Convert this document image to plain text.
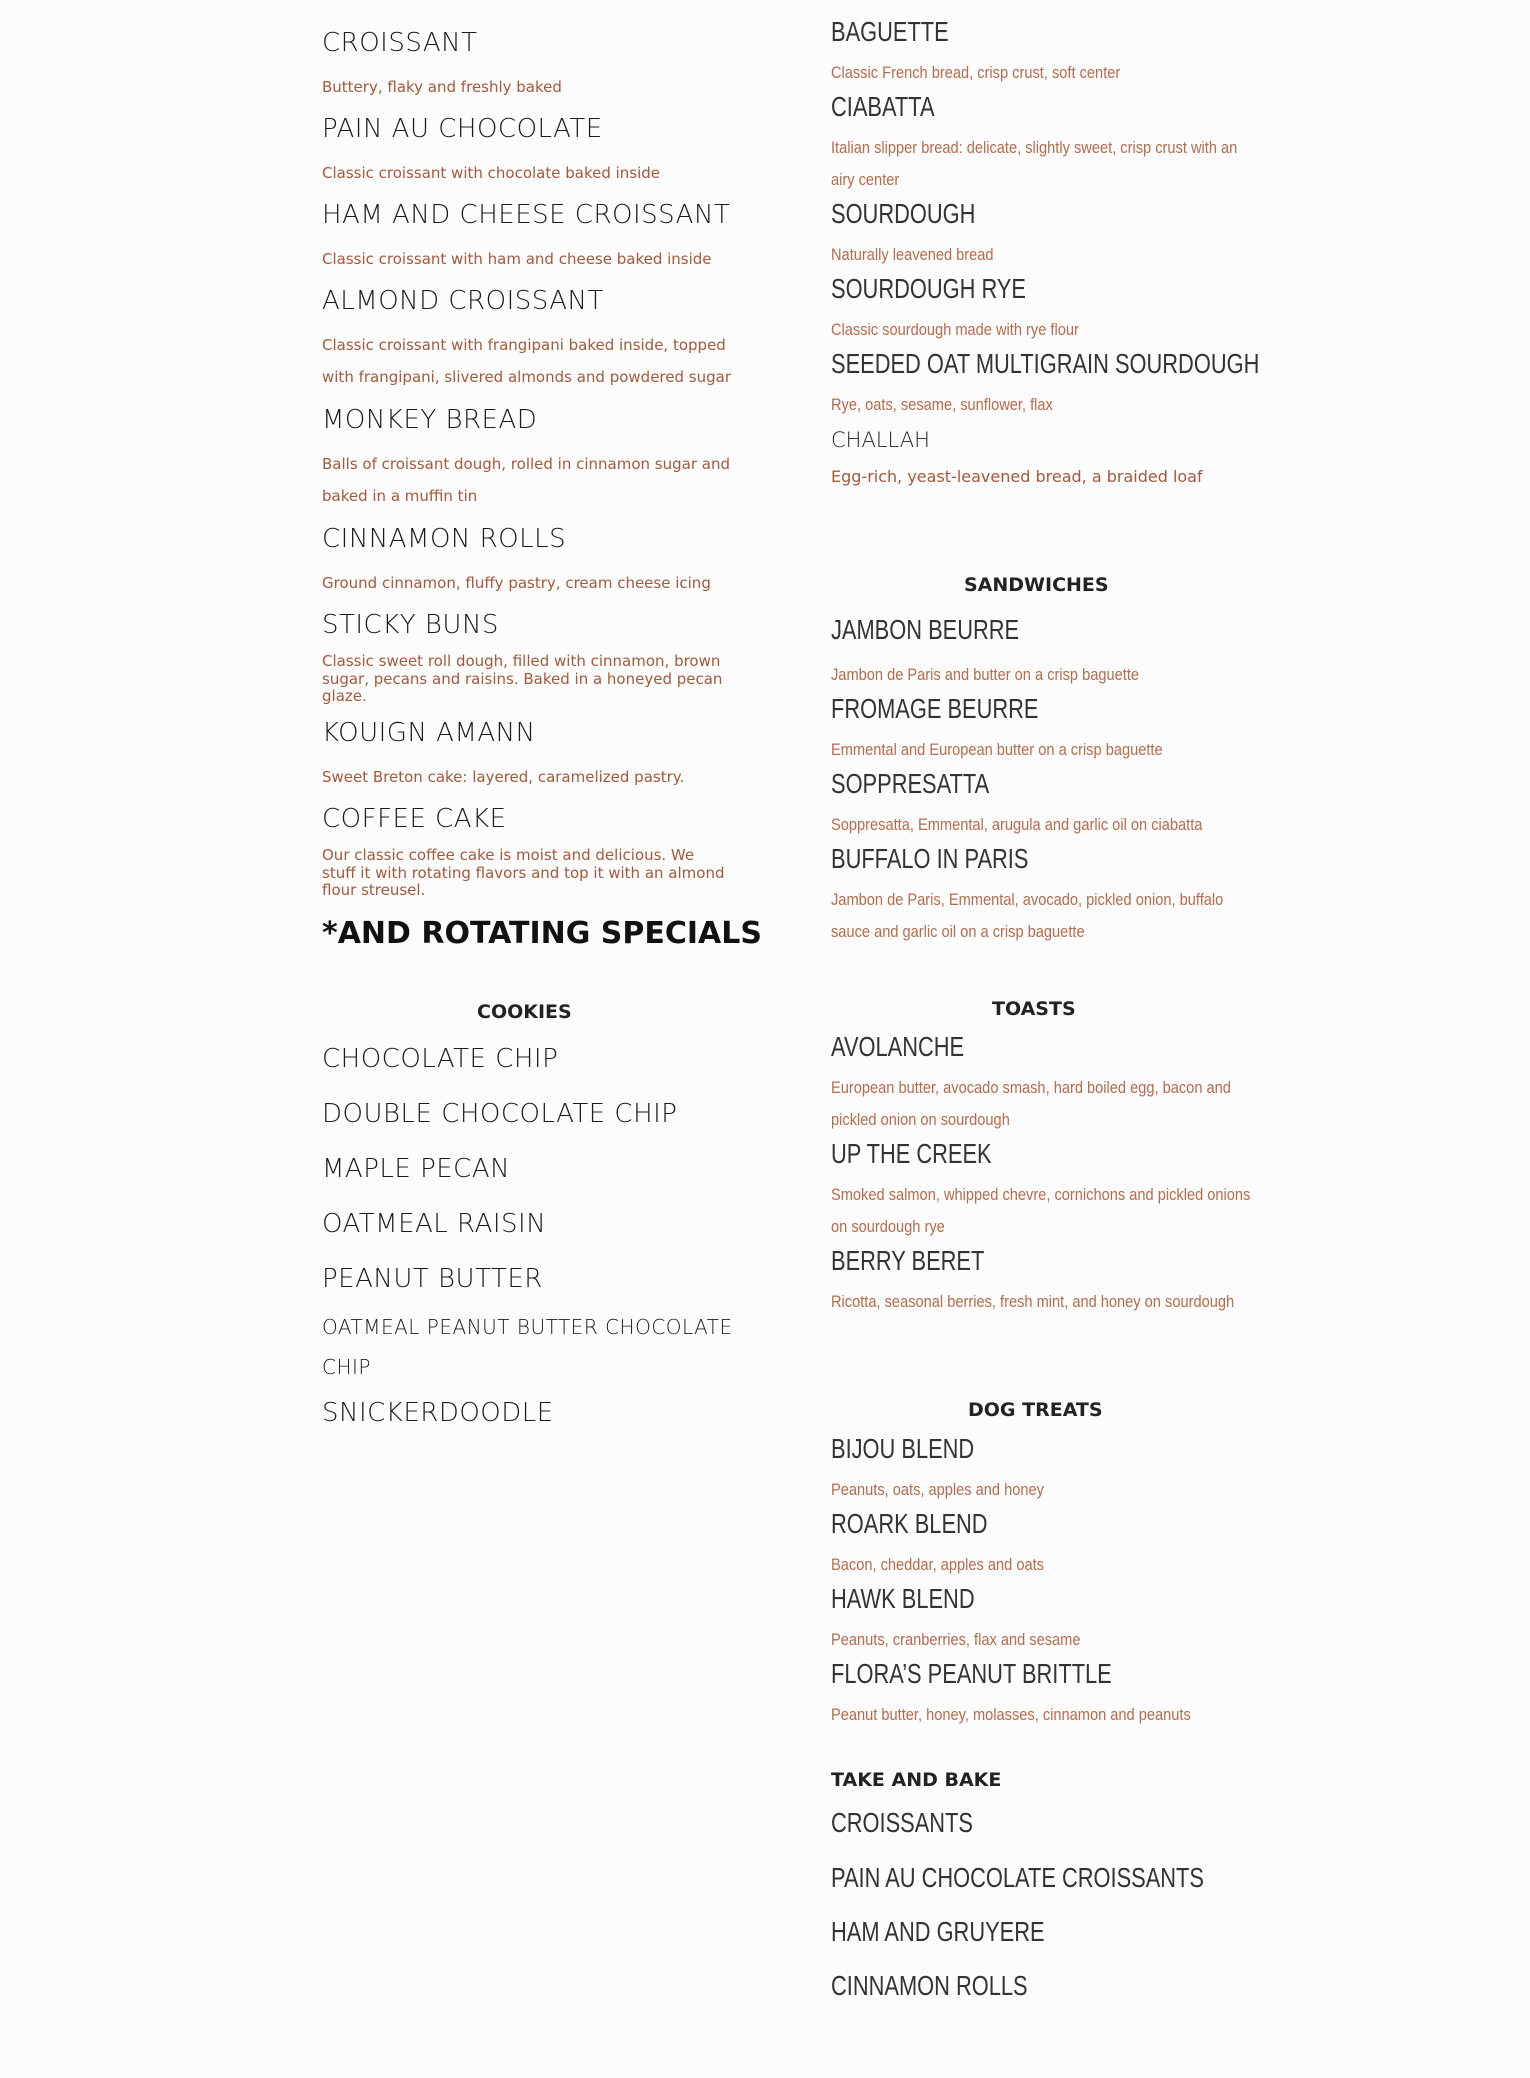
CROISSANT
Buttery, flaky and freshly baked
PAIN AU CHOCOLATE
Classic croissant with chocolate baked inside
HAM AND CHEESE CROISSANT
Classic croissant with ham and cheese baked inside
ALMOND CROISSANT
Classic croissant with frangipani baked inside, topped with frangipani, slivered almonds and powdered sugar
MONKEY BREAD
Balls of croissant dough, rolled in cinnamon sugar and baked in a muffin tin
CINNAMON ROLLS
Ground cinnamon, fluffy pastry, cream cheese icing
STICKY BUNS
Classic sweet roll dough, filled with cinnamon, brown sugar, pecans and raisins. Baked in a honeyed pecan glaze.
KOUIGN AMANN
Sweet Breton cake: layered, caramelized pastry.
COFFEE CAKE
Our classic coffee cake is moist and delicious. We stuff it with rotating flavors and top it with an almond flour streusel.
*AND ROTATING SPECIALS
COOKIES
CHOCOLATE CHIP
DOUBLE CHOCOLATE CHIP
MAPLE PECAN
OATMEAL RAISIN
PEANUT BUTTER
OATMEAL PEANUT BUTTER CHOCOLATE CHIP
SNICKERDOODLE
BAGUETTE
Classic French bread, crisp crust, soft center
CIABATTA
Italian slipper bread: delicate, slightly sweet, crisp crust with an airy center
SOURDOUGH
Naturally leavened bread
SOURDOUGH RYE
Classic sourdough made with rye flour
SEEDED OAT MULTIGRAIN SOURDOUGH
Rye, oats, sesame, sunflower, flax
CHALLAH
Egg-rich, yeast-leavened bread, a braided loaf
SANDWICHES
JAMBON BEURRE
Jambon de Paris and butter on a crisp baguette
FROMAGE BEURRE
Emmental and European butter on a crisp baguette
SOPPRESATTA
Soppresatta, Emmental, arugula and garlic oil on ciabatta
BUFFALO IN PARIS
Jambon de Paris, Emmental, avocado, pickled onion, buffalo sauce and garlic oil on a crisp baguette
TOASTS
AVOLANCHE
European butter, avocado smash, hard boiled egg, bacon and pickled onion on sourdough
UP THE CREEK
Smoked salmon, whipped chevre, cornichons and pickled onions on sourdough rye
BERRY BERET
Ricotta, seasonal berries, fresh mint, and honey on sourdough
DOG TREATS
BIJOU BLEND
Peanuts, oats, apples and honey
ROARK BLEND
Bacon, cheddar, apples and oats
HAWK BLEND
Peanuts, cranberries, flax and sesame
FLORA’S PEANUT BRITTLE
Peanut butter, honey, molasses, cinnamon and peanuts
TAKE AND BAKE
CROISSANTS
PAIN AU CHOCOLATE CROISSANTS
HAM AND GRUYERE
CINNAMON ROLLS
